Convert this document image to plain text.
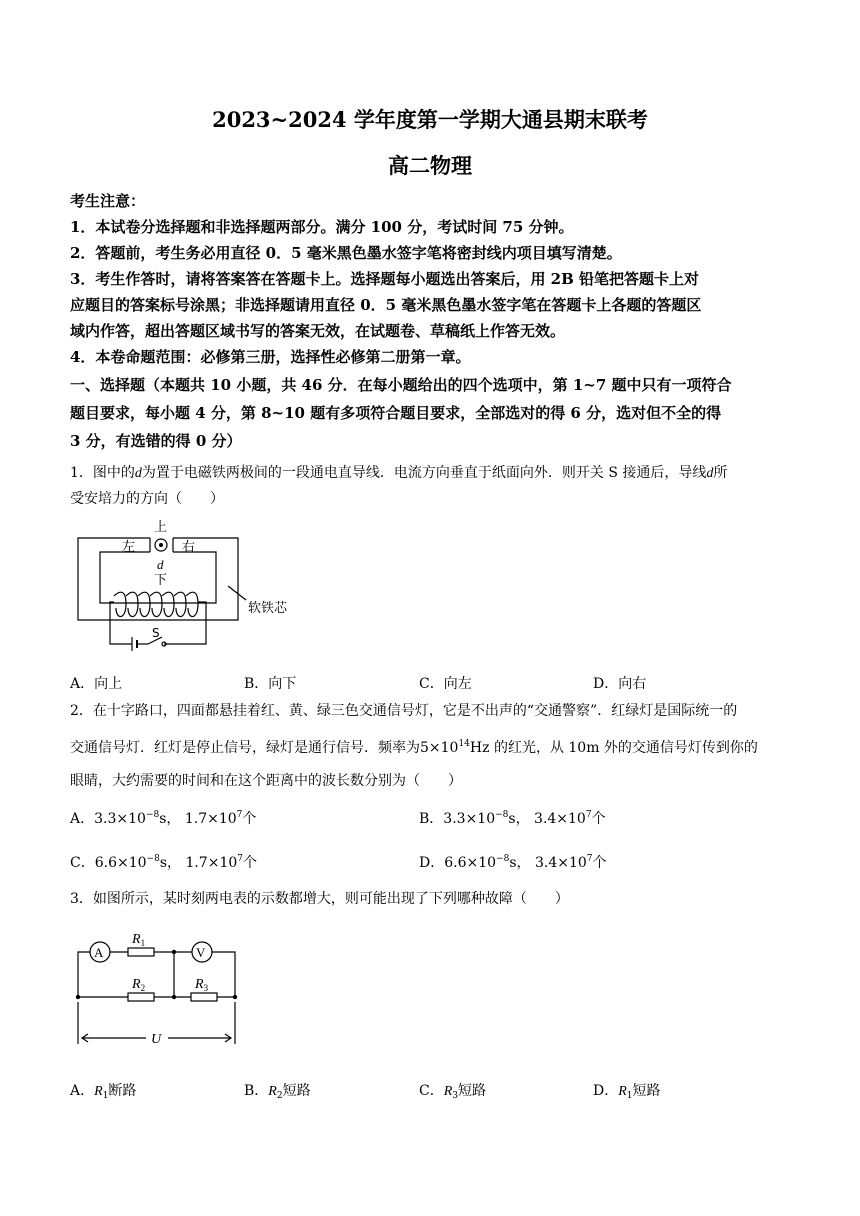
2023~2024 学年度第一学期大通县期末联考
高二物理
考生注意：
1．本试卷分选择题和非选择题两部分。满分 100 分，考试时间 75 分钟。
2．答题前，考生务必用直径 0．5 毫米黑色墨水签字笔将密封线内项目填写清楚。
3．考生作答时，请将答案答在答题卡上。选择题每小题选出答案后，用 2B 铅笔把答题卡上对
应题目的答案标号涂黑；非选择题请用直径 0．5 毫米黑色墨水签字笔在答题卡上各题的答题区
域内作答，超出答题区域书写的答案无效，在试题卷、草稿纸上作答无效。
4．本卷命题范围：必修第三册，选择性必修第二册第一章。
一、选择题（本题共 10 小题，共 46 分．在每小题给出的四个选项中，第 1~7 题中只有一项符合
题目要求，每小题 4 分，第 8~10 题有多项符合题目要求，全部选对的得 6 分，选对但不全的得
3 分，有选错的得 0 分）
1．图中的d为置于电磁铁两极间的一段通电直导线．电流方向垂直于纸面向外．则开关 S 接通后，导线d所
受安培力的方向（　　）
上
左	右
d
下
软铁芯
S
A．向上	B．向下	C．向左	D．向右
2．在十字路口，四面都悬挂着红、黄、绿三色交通信号灯，它是不出声的“交通警察”．红绿灯是国际统一的
交通信号灯．红灯是停止信号，绿灯是通行信号．频率为$5\times 10^{14}Hz$ 的红光，从 10m 外的交通信号灯传到你的
眼睛，大约需要的时间和在这个距离中的波长数分别为（　　）
A．$3.3\times 10^{-8}s$， $1.7\times 10^7$个	B．$3.3\times 10^{-8}s$， $3.4\times 10^7$个
C．$6.6\times 10^{-8}s$， $1.7\times 10^7$个	D．$6.6\times 10^{-8}s$， $3.4\times 10^7$个
3．如图所示，某时刻两电表的示数都增大，则可能出现了下列哪种故障（　　）
A	V
$R_1$
$R_2$	$R_3$
U
A．$R_1$断路	B．$R_2$短路	C．$R_3$短路	D．$R_1$短路
